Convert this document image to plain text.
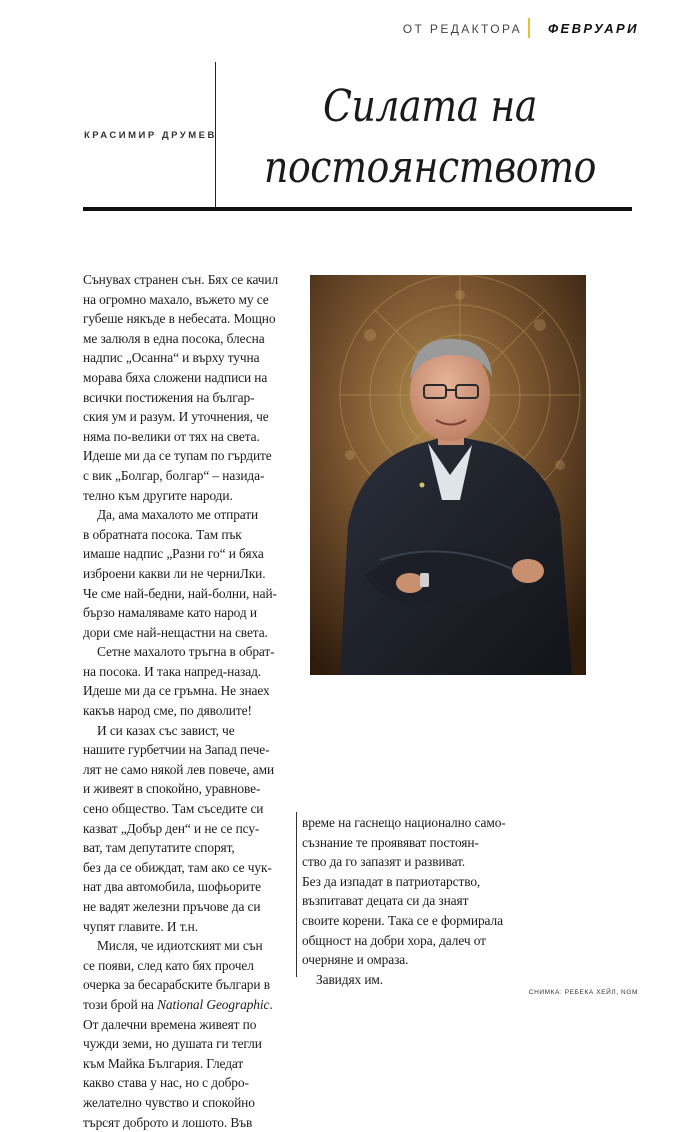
ОТ РЕДАКТОРА ФЕВРУАРИ
КРАСИМИР ДРУМЕВ
Силата на
постоянството

Сънувах странен сън. Бях се качил
на огромно махало, въжето му се
губеше някъде в небесата. Мощно
ме залюля в една посока, блесна
надпис „Осанна“ и върху тучна
морава бяха сложени надписи на
всички постижения на българ-
ския ум и разум. И уточнения, че
няма по-велики от тях на света.
Идеше ми да се тупам по гърдите
с вик „Болгар, болгар“ – назида-
телно към другите народи.

Да, ама махалото ме отпрати

в обратната посока. Там пък
имаше надпис „Разни го“ и бяха
изброени какви ли не черниЛки.
Че сме най-бедни, най-болни, най-
бързо намаляваме като народ и
дори сме най-нещастни на света.

Сетне махалото тръгна в обрат-

на посока. И така напред-назад.
Идеше ми да се гръмна. Не знаех
какъв народ сме, по дяволите!

И си казах със завист, че

нашите гурбетчии на Запад пече-
лят не само някой лев повече, ами
и живеят в спокойно, уравнове-
сено общество. Там съседите си
казват „Добър ден“ и не се псу-
ват, там депутатите спорят,
без да се обиждат, там ако се чук-
нат два автомобила, шофьорите
не вадят железни пръчове да си
чупят главите. И т.н.

Мисля, че идиотският ми сън

се появи, след като бях прочел
очерка за бесарабските българи в
този брой на National Geographic.
От далечни времена живеят по
чужди земи, но душата ги тегли
към Майка България. Гледат
какво става у нас, но с добро-
желателно чувство и спокойно
търсят доброто и лошото. Във

време на гаснещо национално само-
съзнание те проявяват постоян-
ство да го запазят и развиват.
Без да изпадат в патриотарство,
възпитават децата си да знаят
своите корени. Така се е формирала
общност на добри хора, далеч от
очерняне и омраза.

Завидях им.

СНИМКА: РЕБЕКА ХЕЙЛ, NGM
